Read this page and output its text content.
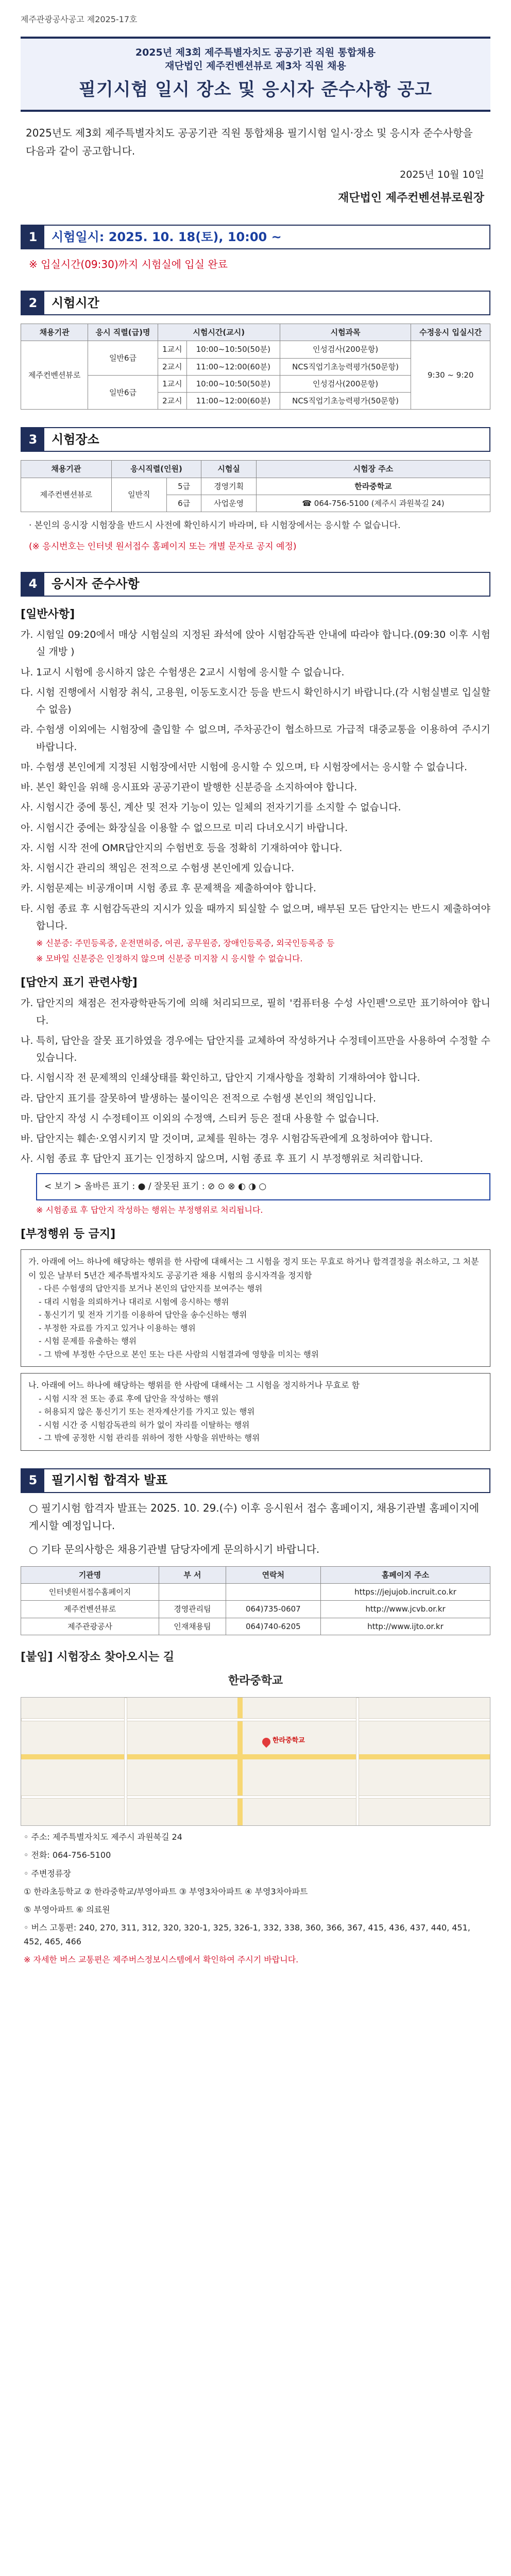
제주관광공사공고 제2025-17호
2025년 제3회 제주특별자치도 공공기관 직원 통합채용
재단법인 제주컨벤션뷰로 제3차 직원 채용
필기시험 일시 장소 및 응시자 준수사항 공고
2025년도 제3회 제주특별자치도 공공기관 직원 통합채용 필기시험 일시·장소 및 응시자 준수사항을 다음과 같이 공고합니다.
2025년 10월 10일
재단법인 제주컨벤션뷰로원장
1	시험일시: 2025. 10. 18(토), 10:00 ~
※ 입실시간(09:30)까지 시험실에 입실 완료
2	시험시간
채용기관	응시 직렬(급)명	시험시간(교시)		시험과목	수정응시 입실시간
제주컨벤션뷰로	일반6급	1교시	10:00~10:50(50분)	인성검사(200문항)	9:30 ~ 9:20
		2교시	11:00~12:00(60분)	NCS직업기초능력평가(50문항)	
	일반6급	1교시	10:00~10:50(50분)	인성검사(200문항)	
		2교시	11:00~12:00(60분)	NCS직업기초능력평가(50문항)	
3	시험장소
채용기관	응시직렬(인원)		시험실	시험장 주소
제주컨벤션뷰로	일반직	5급	경영기획	한라중학교
		6급	사업운영	☎ 064-756-5100 (제주시 과원북길 24)
· 본인의 응시장 시험장을 반드시 사전에 확인하시기 바라며, 타 시험장에서는 응시할 수 없습니다.
(※ 응시번호는 인터넷 원서접수 홈페이지 또는 개별 문자로 공지 예정)
4	응시자 준수사항
[일반사항]
가. 시험일 09:20에서 매상 시험실의 지정된 좌석에 앉아 시험감독관 안내에 따라야 합니다.(09:30 이후 시험실 개방 )
나. 1교시 시험에 응시하지 않은 수험생은 2교시 시험에 응시할 수 없습니다.
다. 시험 진행에서 시험장 취식, 고용원, 이동도호시간 등을 반드시 확인하시기 바랍니다.(각 시험실별로 입실할 수 없음)
라. 수험생 이외에는 시험장에 출입할 수 없으며, 주차공간이 협소하므로 가급적 대중교통을 이용하여 주시기 바랍니다.
마. 수험생 본인에게 지정된 시험장에서만 시험에 응시할 수 있으며, 타 시험장에서는 응시할 수 없습니다.
바. 본인 확인을 위해 응시표와 공공기관이 발행한 신분증을 소지하여야 합니다.
사. 시험시간 중에 통신, 계산 및 전자 기능이 있는 일체의 전자기기를 소지할 수 없습니다.
아. 시험시간 중에는 화장실을 이용할 수 없으므로 미리 다녀오시기 바랍니다.
자. 시험 시작 전에 OMR답안지의 수험번호 등을 정확히 기재하여야 합니다.
차. 시험시간 관리의 책임은 전적으로 수험생 본인에게 있습니다.
카. 시험문제는 비공개이며 시험 종료 후 문제책을 제출하여야 합니다.
타. 시험 종료 후 시험감독관의 지시가 있을 때까지 퇴실할 수 없으며, 배부된 모든 답안지는 반드시 제출하여야 합니다.
※ 신분증: 주민등록증, 운전면허증, 여권, 공무원증, 장애인등록증, 외국인등록증 등
※ 모바일 신분증은 인정하지 않으며 신분증 미지참 시 응시할 수 없습니다.
[답안지 표기 관련사항]
가. 답안지의 채점은 전자광학판독기에 의해 처리되므로, 필히 '컴퓨터용 수성 사인펜'으로만 표기하여야 합니다.
나. 특히, 답안을 잘못 표기하였을 경우에는 답안지를 교체하여 작성하거나 수정테이프만을 사용하여 수정할 수 있습니다.
다. 시험시작 전 문제책의 인쇄상태를 확인하고, 답안지 기재사항을 정확히 기재하여야 합니다.
라. 답안지 표기를 잘못하여 발생하는 불이익은 전적으로 수험생 본인의 책임입니다.
마. 답안지 작성 시 수정테이프 이외의 수정액, 스티커 등은 절대 사용할 수 없습니다.
바. 답안지는 훼손·오염시키지 말 것이며, 교체를 원하는 경우 시험감독관에게 요청하여야 합니다.
사. 시험 종료 후 답안지 표기는 인정하지 않으며, 시험 종료 후 표기 시 부정행위로 처리합니다.
< 보기 > 올바른 표기 : ● / 잘못된 표기 : ⊘ ⊙ ⊗ ◐ ◑ ○
※ 시험종료 후 답안지 작성하는 행위는 부정행위로 처리됩니다.
[부정행위 등 금지]
가. 아래에 어느 하나에 해당하는 행위를 한 사람에 대해서는 그 시험을 정지 또는 무효로 하거나 합격결정을 취소하고, 그 처분이 있은 날부터 5년간 제주특별자치도 공공기관 채용 시험의 응시자격을 정지함
- 다른 수험생의 답안지를 보거나 본인의 답안지를 보여주는 행위
- 대리 시험을 의뢰하거나 대리로 시험에 응시하는 행위
- 통신기기 및 전자 기기를 이용하여 답안을 송수신하는 행위
- 부정한 자료를 가지고 있거나 이용하는 행위
- 시험 문제를 유출하는 행위
- 그 밖에 부정한 수단으로 본인 또는 다른 사람의 시험결과에 영향을 미치는 행위
나. 아래에 어느 하나에 해당하는 행위를 한 사람에 대해서는 그 시험을 정지하거나 무효로 함
- 시험 시작 전 또는 종료 후에 답안을 작성하는 행위
- 허용되지 않은 통신기기 또는 전자계산기를 가지고 있는 행위
- 시험 시간 중 시험감독관의 허가 없이 자리를 이탈하는 행위
- 그 밖에 공정한 시험 관리를 위하여 정한 사항을 위반하는 행위
5	필기시험 합격자 발표
○ 필기시험 합격자 발표는 2025. 10. 29.(수) 이후 응시원서 접수 홈페이지, 채용기관별 홈페이지에 게시할 예정입니다.
○ 기타 문의사항은 채용기관별 담당자에게 문의하시기 바랍니다.
기관명	부 서	연락처	홈페이지 주소
인터넷원서접수홈페이지			https://jejujob.incruit.co.kr
제주컨벤션뷰로	경영관리팀	064)735-0607	http://www.jcvb.or.kr
제주관광공사	인재채용팀	064)740-6205	http://www.ijto.or.kr
[붙임] 시험장소 찾아오시는 길
한라중학교
한라중학교
◦ 주소: 제주특별자치도 제주시 과원북길 24
◦ 전화: 064-756-5100
◦ 주변정류장
① 한라초등학교 ② 한라중학교/부영아파트 ③ 부영3차아파트 ④ 부영3차아파트
⑤ 부영아파트 ⑥ 의료원
◦ 버스 고통편: 240, 270, 311, 312, 320, 320-1, 325, 326-1, 332, 338, 360, 366, 367, 415, 436, 437, 440, 451, 452, 465, 466
※ 자세한 버스 교통편은 제주버스정보시스템에서 확인하여 주시기 바랍니다.
